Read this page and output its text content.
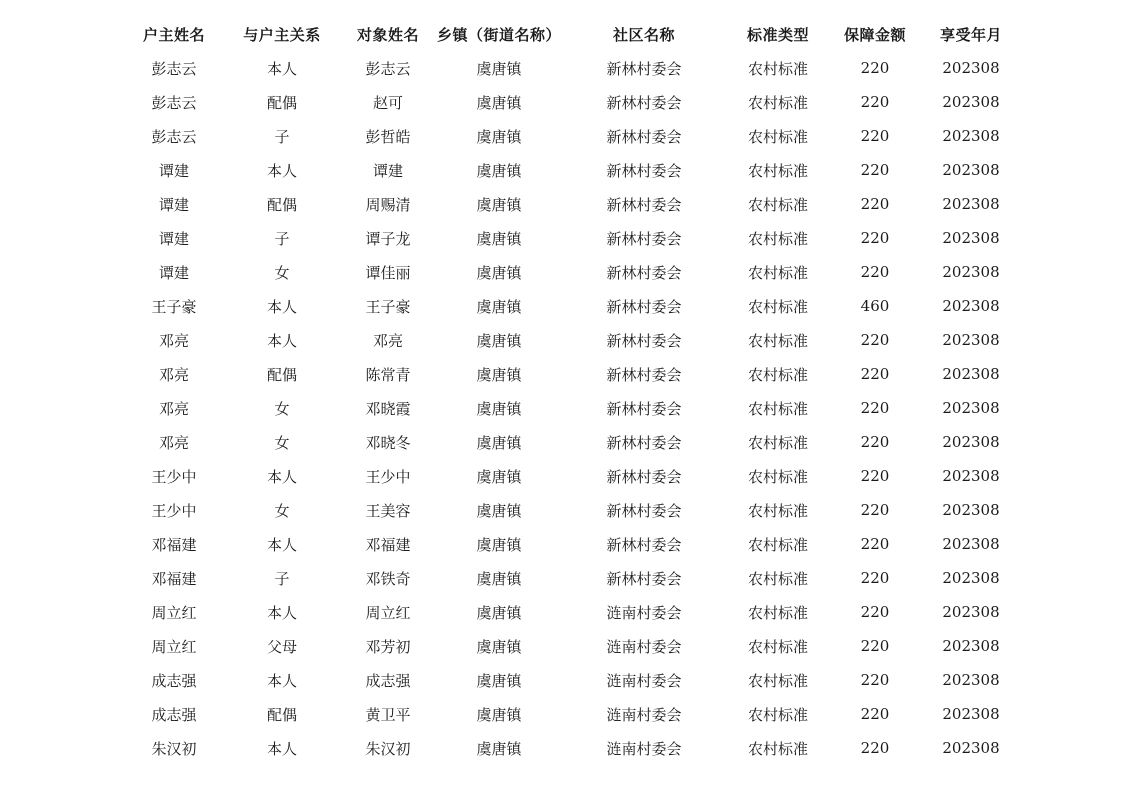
户主姓名	与户主关系	对象姓名	乡镇（街道名称）	社区名称	标准类型	保障金额	享受年月
彭志云	本人	彭志云	虞唐镇	新林村委会	农村标准	220	202308
彭志云	配偶	赵可	虞唐镇	新林村委会	农村标准	220	202308
彭志云	子	彭哲皓	虞唐镇	新林村委会	农村标准	220	202308
谭建	本人	谭建	虞唐镇	新林村委会	农村标准	220	202308
谭建	配偶	周赐清	虞唐镇	新林村委会	农村标准	220	202308
谭建	子	谭子龙	虞唐镇	新林村委会	农村标准	220	202308
谭建	女	谭佳丽	虞唐镇	新林村委会	农村标准	220	202308
王子豪	本人	王子豪	虞唐镇	新林村委会	农村标准	460	202308
邓亮	本人	邓亮	虞唐镇	新林村委会	农村标准	220	202308
邓亮	配偶	陈常青	虞唐镇	新林村委会	农村标准	220	202308
邓亮	女	邓晓霞	虞唐镇	新林村委会	农村标准	220	202308
邓亮	女	邓晓冬	虞唐镇	新林村委会	农村标准	220	202308
王少中	本人	王少中	虞唐镇	新林村委会	农村标准	220	202308
王少中	女	王美容	虞唐镇	新林村委会	农村标准	220	202308
邓福建	本人	邓福建	虞唐镇	新林村委会	农村标准	220	202308
邓福建	子	邓铁奇	虞唐镇	新林村委会	农村标准	220	202308
周立红	本人	周立红	虞唐镇	涟南村委会	农村标准	220	202308
周立红	父母	邓芳初	虞唐镇	涟南村委会	农村标准	220	202308
成志强	本人	成志强	虞唐镇	涟南村委会	农村标准	220	202308
成志强	配偶	黄卫平	虞唐镇	涟南村委会	农村标准	220	202308
朱汉初	本人	朱汉初	虞唐镇	涟南村委会	农村标准	220	202308
